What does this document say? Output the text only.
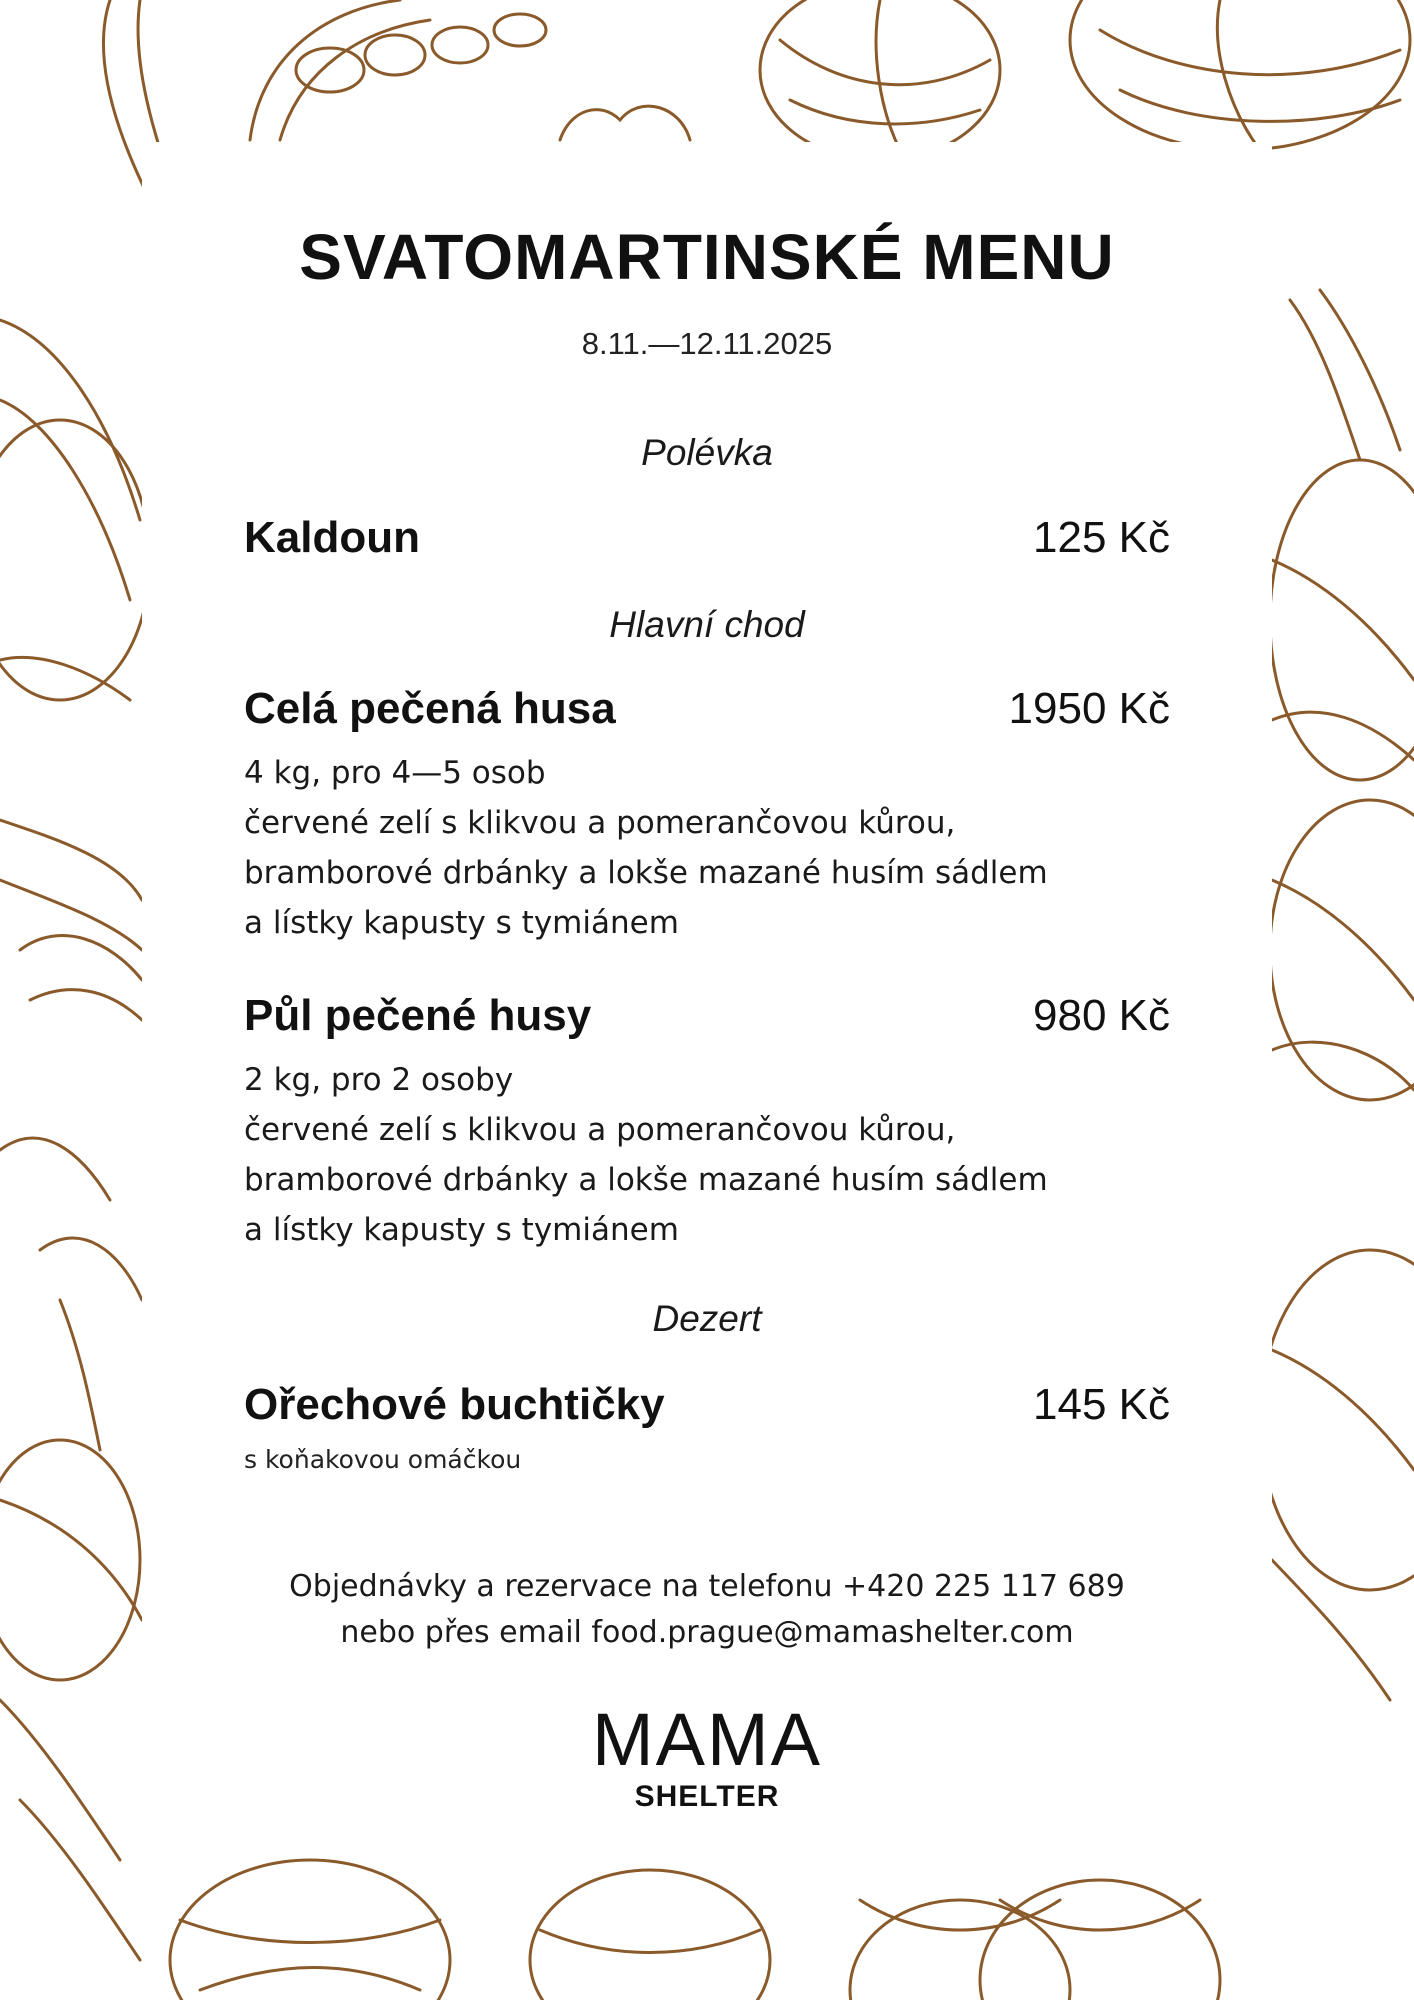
SVATOMARTINSKÉ MENU
8.11.—12.11.2025
Polévka
Kaldoun	125 Kč
Hlavní chod
Celá pečená husa	1950 Kč
4 kg, pro 4—5 osob
červené zelí s klikvou a pomerančovou kůrou,
bramborové drbánky a lokše mazané husím sádlem
a lístky kapusty s tymiánem
Půl pečené husy	980 Kč
2 kg, pro 2 osoby
červené zelí s klikvou a pomerančovou kůrou,
bramborové drbánky a lokše mazané husím sádlem
a lístky kapusty s tymiánem
Dezert
Ořechové buchtičky	145 Kč
s koňakovou omáčkou
Objednávky a rezervace na telefonu +420 225 117 689
nebo přes email food.prague@mamashelter.com
MAMA
SHELTER
